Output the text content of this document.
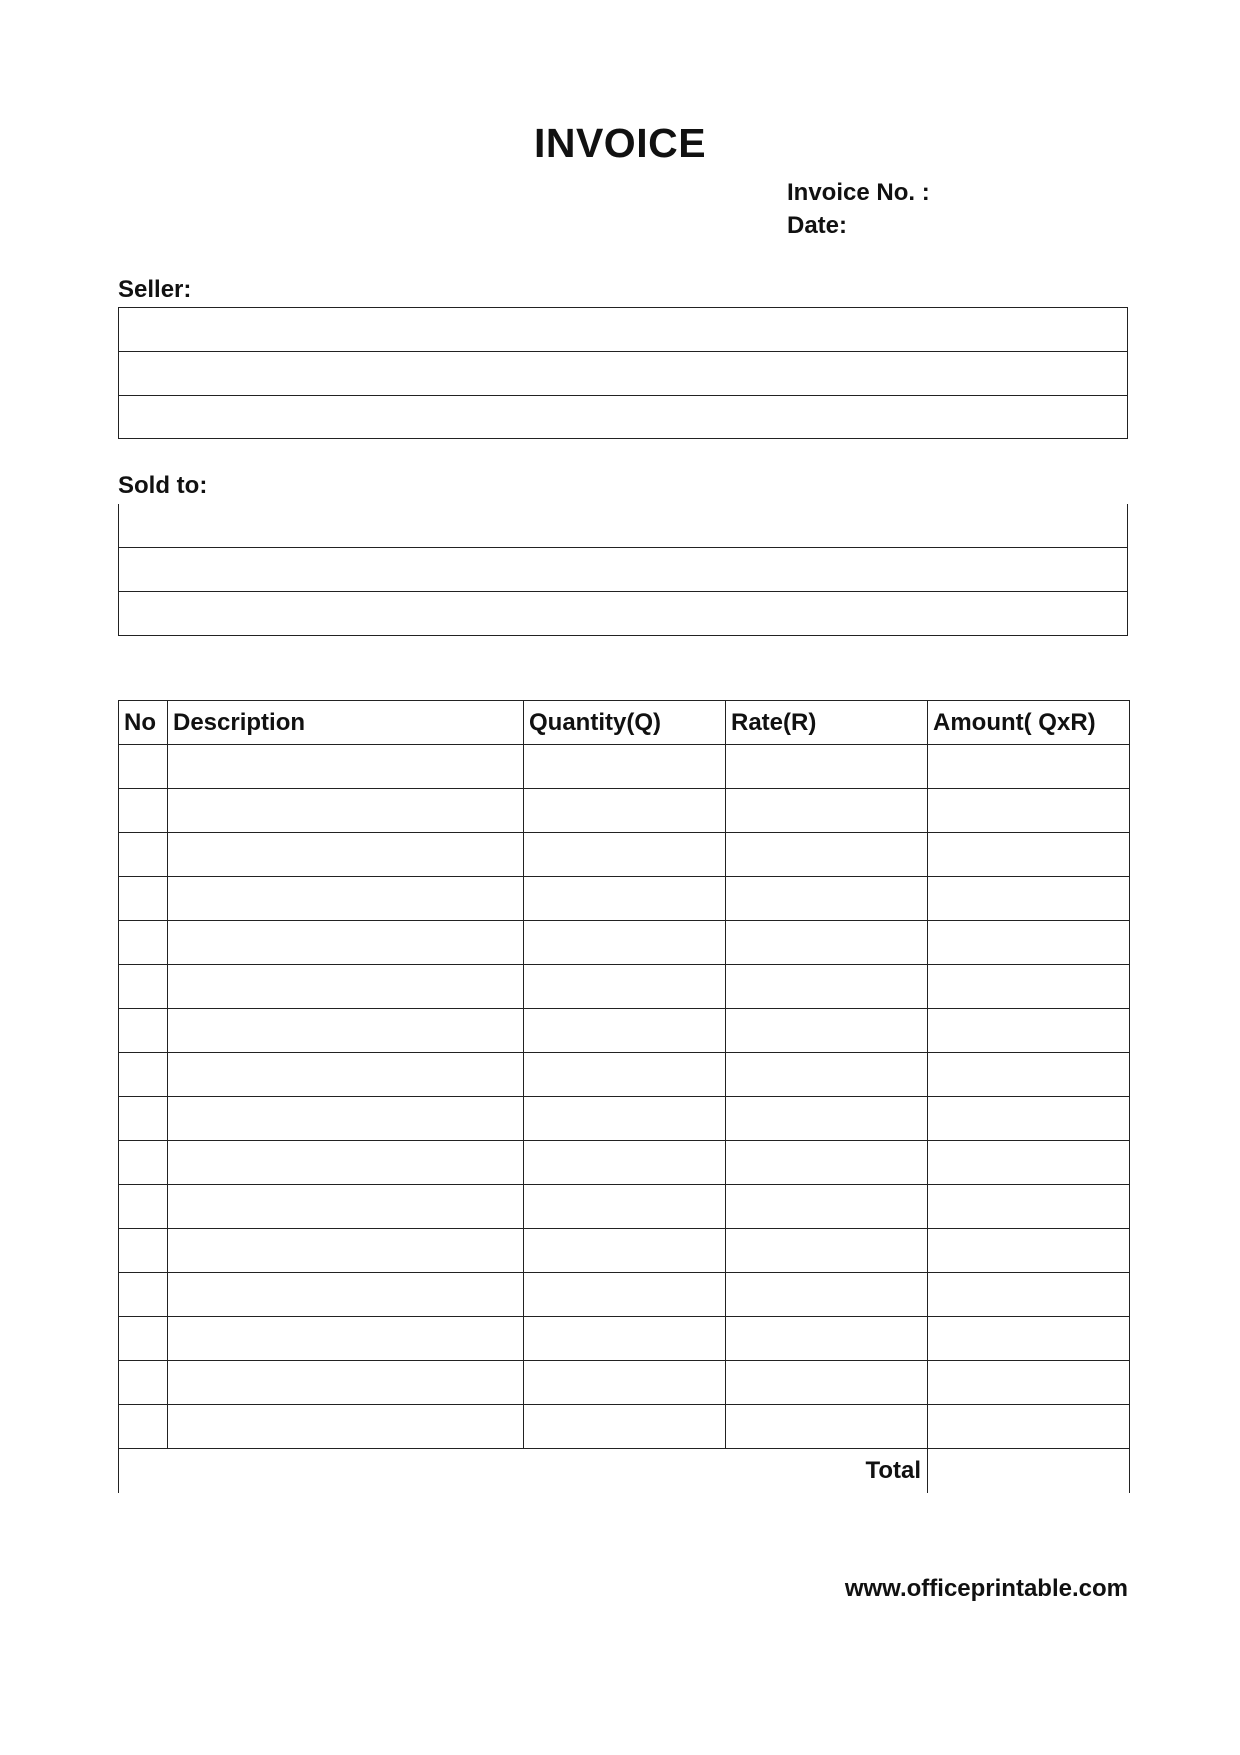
INVOICE
Invoice No. :
Date:
Seller:
Sold to:
No	Description	Quantity(Q)	Rate(R)	Amount( QxR)

Total				
www.officeprintable.com
